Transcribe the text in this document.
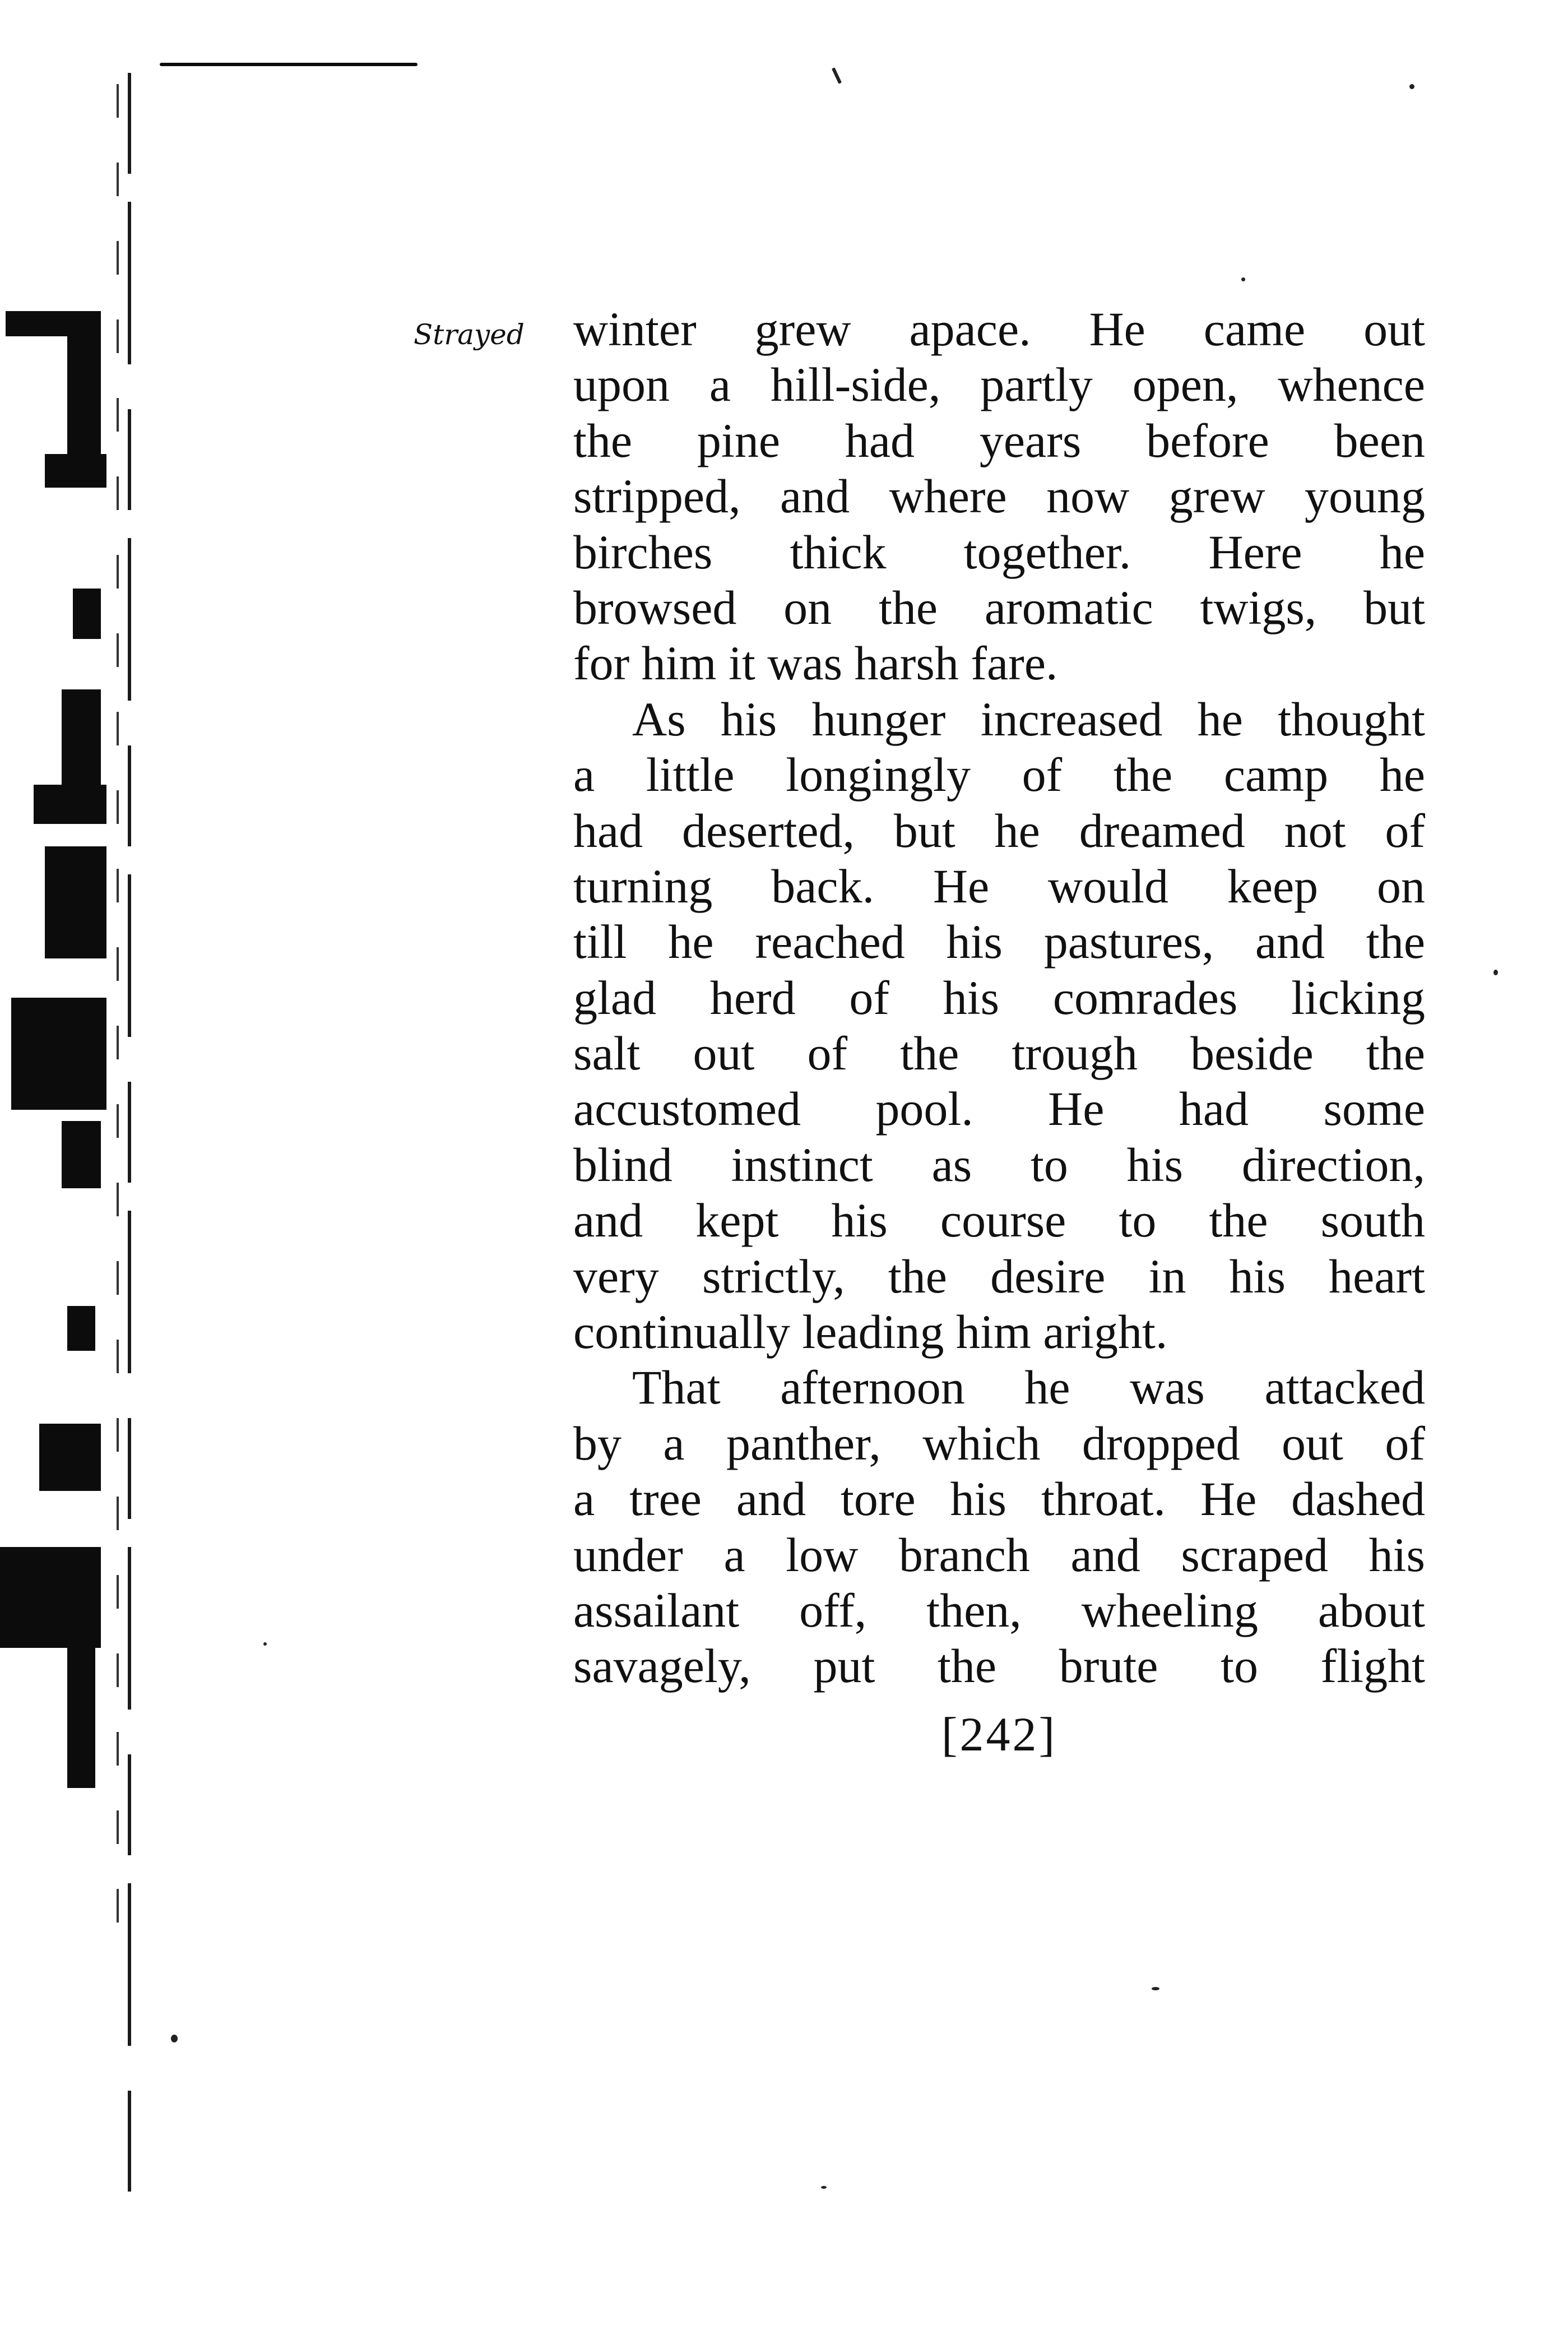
Strayed winter grew apace. He came out
upon a hill-side, partly open, whence
the pine had years before been
stripped, and where now grew young
birches thick together. Here he
browsed on the aromatic twigs, but
for him it was harsh fare.
As his hunger increased he thought
a little longingly of the camp he
had deserted, but he dreamed not of
turning back. He would keep on
till he reached his pastures, and the
glad herd of his comrades licking
salt out of the trough beside the
accustomed pool. He had some
blind instinct as to his direction,
and kept his course to the south
very strictly, the desire in his heart
continually leading him aright.
That afternoon he was attacked
by a panther, which dropped out of
a tree and tore his throat. He dashed
under a low branch and scraped his
assailant off, then, wheeling about
savagely, put the brute to flight
[242]
